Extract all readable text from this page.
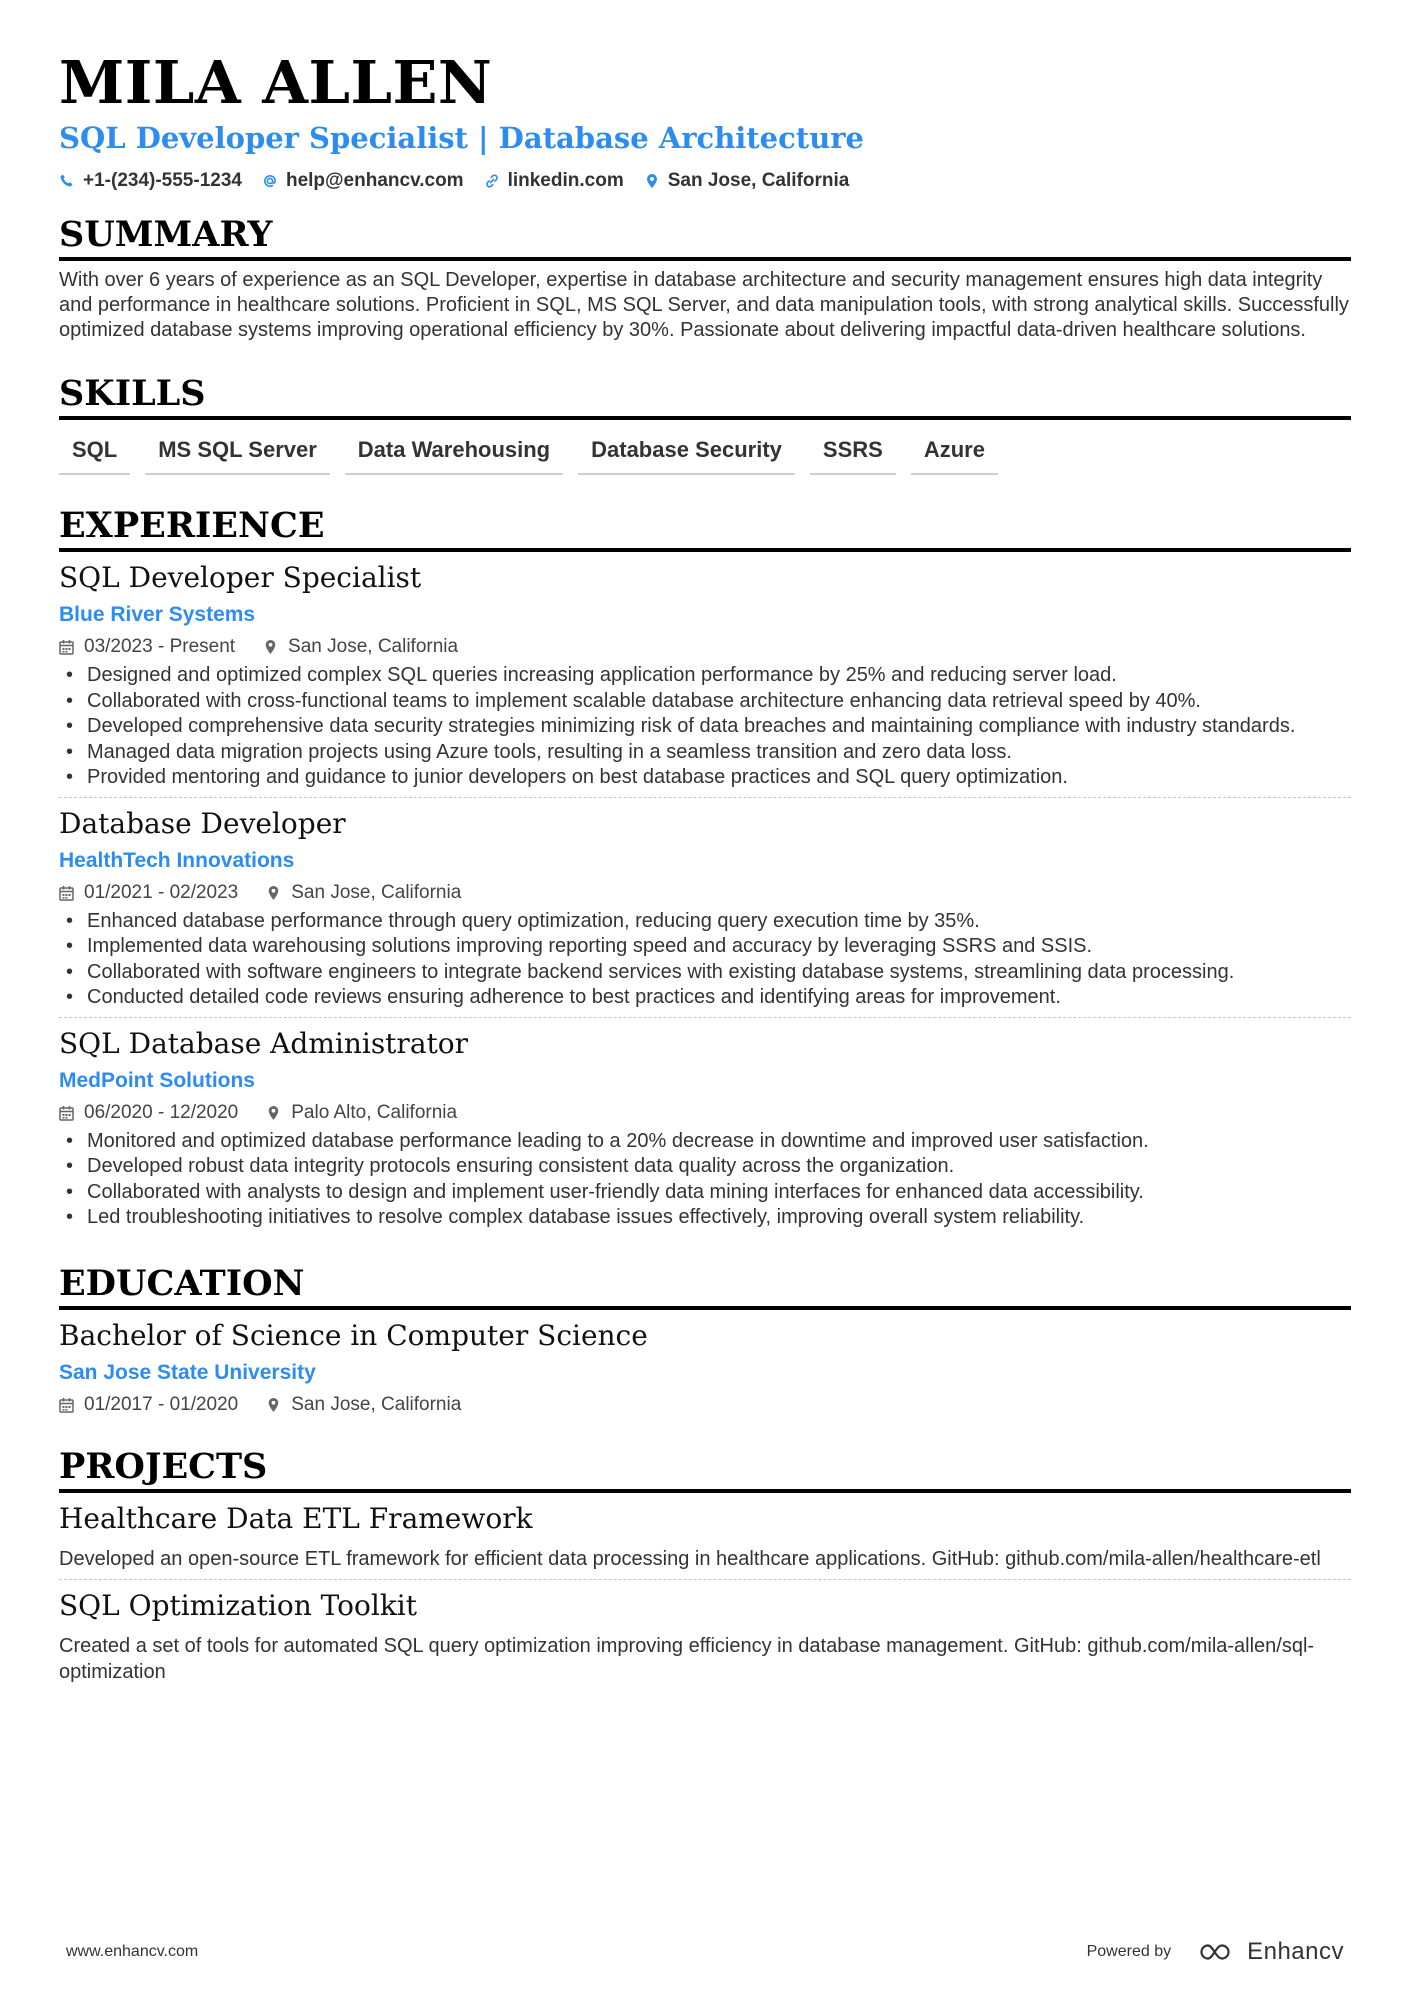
MILA ALLEN
SQL Developer Specialist | Database Architecture
+1-(234)-555-1234 help@enhancv.com linkedin.com San Jose, California
SUMMARY
With over 6 years of experience as an SQL Developer, expertise in database architecture and security management ensures high data integrity and performance in healthcare solutions. Proficient in SQL, MS SQL Server, and data manipulation tools, with strong analytical skills. Successfully optimized database systems improving operational efficiency by 30%. Passionate about delivering impactful data-driven healthcare solutions.
SKILLS
SQL	MS SQL Server	Data Warehousing	Database Security	SSRS	Azure
EXPERIENCE
SQL Developer Specialist
Blue River Systems
03/2023 - Present	San Jose, California
• Designed and optimized complex SQL queries increasing application performance by 25% and reducing server load.
• Collaborated with cross-functional teams to implement scalable database architecture enhancing data retrieval speed by 40%.
• Developed comprehensive data security strategies minimizing risk of data breaches and maintaining compliance with industry standards.
• Managed data migration projects using Azure tools, resulting in a seamless transition and zero data loss.
• Provided mentoring and guidance to junior developers on best database practices and SQL query optimization.
Database Developer
HealthTech Innovations
01/2021 - 02/2023	San Jose, California
• Enhanced database performance through query optimization, reducing query execution time by 35%.
• Implemented data warehousing solutions improving reporting speed and accuracy by leveraging SSRS and SSIS.
• Collaborated with software engineers to integrate backend services with existing database systems, streamlining data processing.
• Conducted detailed code reviews ensuring adherence to best practices and identifying areas for improvement.
SQL Database Administrator
MedPoint Solutions
06/2020 - 12/2020	Palo Alto, California
• Monitored and optimized database performance leading to a 20% decrease in downtime and improved user satisfaction.
• Developed robust data integrity protocols ensuring consistent data quality across the organization.
• Collaborated with analysts to design and implement user-friendly data mining interfaces for enhanced data accessibility.
• Led troubleshooting initiatives to resolve complex database issues effectively, improving overall system reliability.
EDUCATION
Bachelor of Science in Computer Science
San Jose State University
01/2017 - 01/2020	San Jose, California
PROJECTS
Healthcare Data ETL Framework
Developed an open-source ETL framework for efficient data processing in healthcare applications. GitHub: github.com/mila-allen/healthcare-etl
SQL Optimization Toolkit
Created a set of tools for automated SQL query optimization improving efficiency in database management. GitHub: github.com/mila-allen/sql-optimization
www.enhancv.com	Powered by	Enhancv
